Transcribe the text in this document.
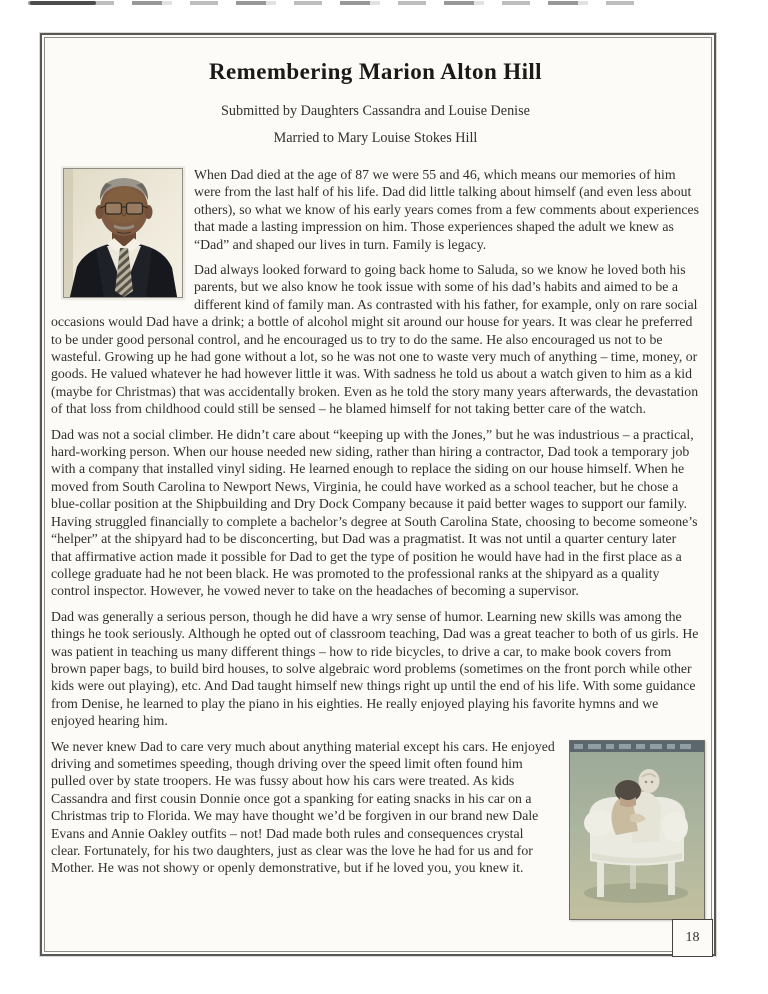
Remembering Marion Alton Hill
Submitted by Daughters Cassandra and Louise Denise
Married to Mary Louise Stokes Hill

When Dad died at the age of 87 we were 55 and 46, which means our memories of him were from the last half of his life. Dad did little talking about himself (and even less about others), so what we know of his early years comes from a few comments about experiences that made a lasting impression on him. Those experiences shaped the adult we knew as “Dad” and shaped our lives in turn. Family is legacy.

Dad always looked forward to going back home to Saluda, so we know he loved both his parents, but we also know he took issue with some of his dad’s habits and aimed to be a different kind of family man. As contrasted with his father, for example, only on rare social occasions would Dad have a drink; a bottle of alcohol might sit around our house for years. It was clear he preferred to be under good personal control, and he encouraged us to try to do the same. He also encouraged us not to be wasteful. Growing up he had gone without a lot, so he was not one to waste very much of anything – time, money, or goods. He valued whatever he had however little it was. With sadness he told us about a watch given to him as a kid (maybe for Christmas) that was accidentally broken. Even as he told the story many years afterwards, the devastation of that loss from childhood could still be sensed – he blamed himself for not taking better care of the watch.

Dad was not a social climber. He didn’t care about “keeping up with the Jones,” but he was industrious – a practical, hard-working person. When our house needed new siding, rather than hiring a contractor, Dad took a temporary job with a company that installed vinyl siding. He learned enough to replace the siding on our house himself. When he moved from South Carolina to Newport News, Virginia, he could have worked as a school teacher, but he chose a blue-collar position at the Shipbuilding and Dry Dock Company because it paid better wages to support our family. Having struggled financially to complete a bachelor’s degree at South Carolina State, choosing to become someone’s “helper” at the shipyard had to be disconcerting, but Dad was a pragmatist. It was not until a quarter century later that affirmative action made it possible for Dad to get the type of position he would have had in the first place as a college graduate had he not been black. He was promoted to the professional ranks at the shipyard as a quality control inspector. However, he vowed never to take on the headaches of becoming a supervisor.

Dad was generally a serious person, though he did have a wry sense of humor. Learning new skills was among the things he took seriously. Although he opted out of classroom teaching, Dad was a great teacher to both of us girls. He was patient in teaching us many different things – how to ride bicycles, to drive a car, to make book covers from brown paper bags, to build bird houses, to solve algebraic word problems (sometimes on the front porch while other kids were out playing), etc. And Dad taught himself new things right up until the end of his life. With some guidance from Denise, he learned to play the piano in his eighties. He really enjoyed playing his favorite hymns and we enjoyed hearing him.

We never knew Dad to care very much about anything material except his cars. He enjoyed driving and sometimes speeding, though driving over the speed limit often found him pulled over by state troopers. He was fussy about how his cars were treated. As kids Cassandra and first cousin Donnie once got a spanking for eating snacks in his car on a Christmas trip to Florida. We may have thought we’d be forgiven in our brand new Dale Evans and Annie Oakley outfits – not! Dad made both rules and consequences crystal clear. Fortunately, for his two daughters, just as clear was the love he had for us and for Mother. He was not showy or openly demonstrative, but if he loved you, you knew it.

18
